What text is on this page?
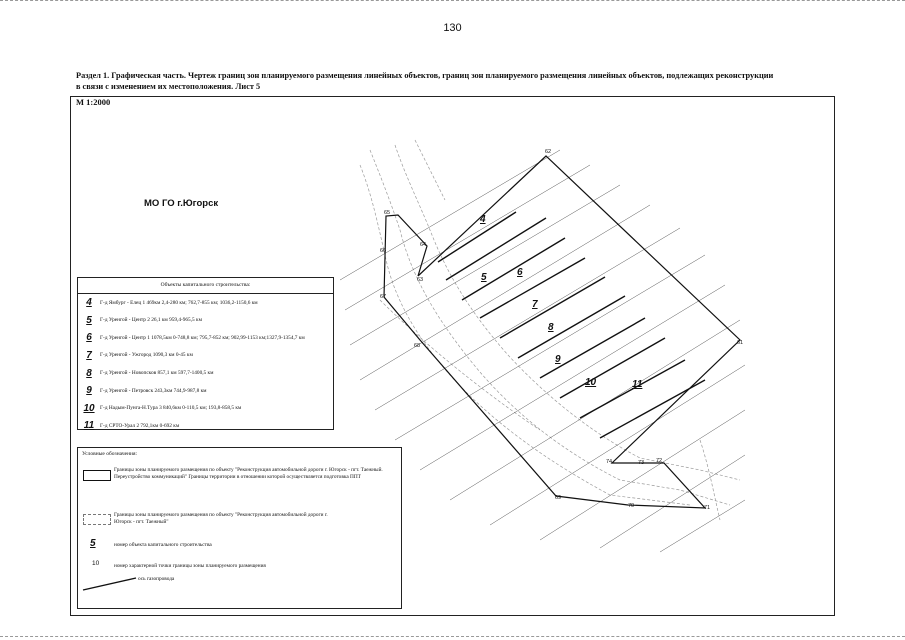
130
Раздел 1. Графическая часть. Чертеж границ зон планируемого размещения линейных объектов, границ зон планируемого размещения линейных объектов, подлежащих реконструкции в связи с изменением их местоположения. Лист 5
М 1:2000
62
65
64
66
63
67
68	61
69
70	71
72
73
74
4
5	6
7
8
9
10	11
МО ГО г.Югорск
Объекты капитального строительства:
4	Г-д Ямбург - Елец 1 469км 2,4-280 км; 762,7-855 км; 1036,2-1150,6 км
5	Г-д Уренгой - Центр 2 26,1 км 959,4-965,5 км
6	Г-д Уренгой - Центр 1 1078,5км 0-748,8 км; 795,7-852 км; 902,99-1153 км;1327,9-1354,7 км
7	Г-д Уренгой - Ужгород 1090,3 км 0-45 км
8	Г-д Уренгой - Новопсков 857,1 км 597,7-1400,5 км
9	Г-д Уренгой - Петровск 243,3км 744,9-987,8 км
10	Г-д Надым-Пунга-Н.Тура 3 840,6км 0-110,5 км; 193,8-858,5 км
11	Г-д СРТО-Урал 2 792,1км 0-692 км
Условные обозначения:
Границы зоны планируемого размещения по объекту "Реконструкция автомобильной дороги г. Югорск - пгт. Таежный. Переустройство коммуникаций" Границы территории в отношении которой осуществляется подготовка ППТ
Границы зоны планируемого размещения по объекту "Реконструкция автомобильной дороги г. Югорск - пгт. Таежный"
5	номер объекта капитального строительства
10	номер характерной точки границы зоны планируемого размещения
ось газопровода
